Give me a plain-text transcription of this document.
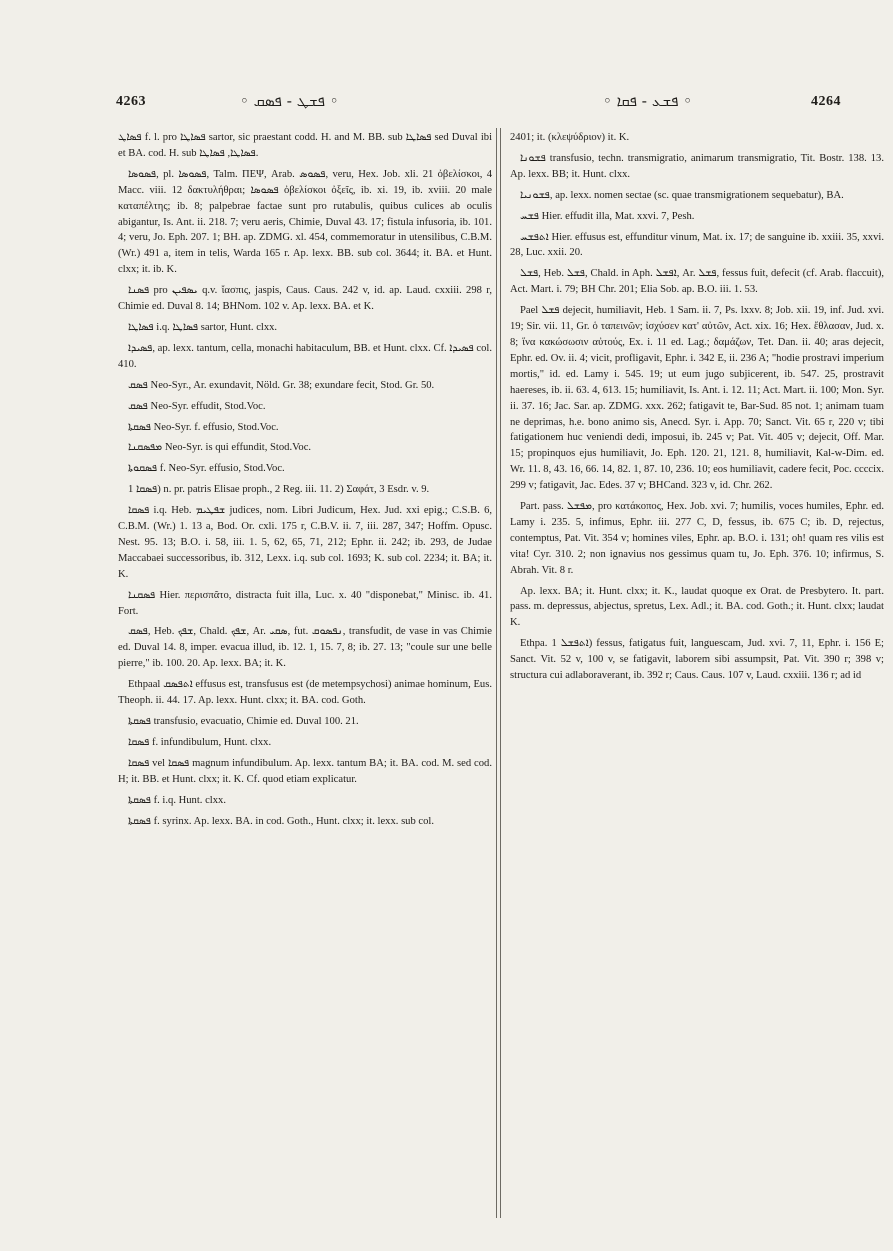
4263	◦ ܦܫܛ - ܦܣܩ ◦	◦ ܦܫܥ - ܦܩܐ ◦	4264

ܦܣܐܛ f. l. pro ܦܣܐܛܐ sartor, sic praestant codd. H. and M. BB. sub ܦܣܐܛܐ sed Duval ibi et BA. cod. H. sub ܦܣܐܛܐ, ܦܣܐܛܐ.

ܦܣܘܣܐ, pl. ܦܣܘܣܐ, Talm. ΠΕΨ, Arab. ܦܣܘܣ, veru, Hex. Job. xli. 21 ὀβελίσκοι, 4 Macc. viii. 12 δακτυλήθραι; ܦܣܘܣܐ ὀβελίσκοι ὀξεῖς, ib. xi. 19, ib. xviii. 20 male καταπέλτης; ib. 8; palpebrae factae sunt pro rutabulis, quibus culices ab oculis abigantur, Is. Ant. ii. 218. 7; veru aeris, Chimie, Duval 43. 17; fistula infusoria, ib. 101. 4; veru, Jo. Eph. 207. 1; BH. ap. ZDMG. xl. 454, commemoratur in utensilibus, C.B.M. (Wr.) 491 a, item in telis, Warda 165 r. Ap. lexx. BB. sub col. 3644; it. BA. et Hunt. clxx; it. ib. K.

ܦܣܢܐ pro ܝܣܦܝܢ q.v. ἴασπις, jaspis, Caus. Caus. 242 v, id. ap. Laud. cxxiii. 298 r, Chimie ed. Duval 8. 14; BHNom. 102 v. Ap. lexx. BA. et K.

ܦܣܐܛܐ i.q. ܦܣܐܛܐ sartor, Hunt. clxx.

ܦܣܝܕܐ, ap. lexx. tantum, cella, monachi habitaculum, BB. et Hunt. clxx. Cf. ܦܣܝܕܐ col. 410.

ܦܣܩ Neo-Syr., Ar. exundavit, Nöld. Gr. 38; exundare fecit, Stod. Gr. 50.

ܦܣܩ Neo-Syr. effudit, Stod.Voc.

ܦܣܩܬܐ Neo-Syr. f. effusio, Stod.Voc.

ܡܦܣܩܢܐ Neo-Syr. is qui effundit, Stod.Voc.

ܦܣܩܘܬܐ f. Neo-Syr. effusio, Stod.Voc.

ܦܣܩܐ 1) n. pr. patris Elisae proph., 2 Reg. iii. 11. 2) Σαφάτ, 3 Esdr. v. 9.

ܦܣܩܐ i.q. Heb. ܫܦܛܝܡ judices, nom. Libri Judicum, Hex. Jud. xxi epig.; C.S.B. 6, C.B.M. (Wr.) 1. 13 a, Bod. Or. cxli. 175 r, C.B.V. ii. 7, iii. 287, 347; Hoffm. Opusc. Nest. 95. 13; B.O. i. 58, iii. 1. 5, 62, 65, 71, 212; Ephr. ii. 242; ib. 293, de Judae Maccabaei successoribus, ib. 312, Lexx. i.q. sub col. 1693; K. sub col. 2234; it. BA; it. K.

ܦܣܩܢܐ Hier. περισπᾶτο, distracta fuit illa, Luc. x. 40 "disponebat," Minisc. ib. 41. Fort.

ܦܣܩ, Heb. ܫܦܟ, Chald. ܫܦܟ, Ar. ܣܩܝ, fut. ܢܦܣܘܩ, transfudit, de vase in vas Chimie ed. Duval 14. 8, imper. evacua illud, ib. 12. 1, 15. 7, 8; ib. 27. 13; "coule sur une belle pierre," ib. 100. 20. Ap. lexx. BA; it. K.

Ethpaal ܐܬܦܣܩ effusus est, transfusus est (de metempsychosi) animae hominum, Eus. Theoph. ii. 44. 17. Ap. lexx. Hunt. clxx; it. BA. cod. Goth.

ܦܣܩܬܐ transfusio, evacuatio, Chimie ed. Duval 100. 21.

ܦܣܩܐ f. infundibulum, Hunt. clxx.

ܦܣܩܐ vel ܦܣܩܐ magnum infundibulum. Ap. lexx. tantum BA; it. BA. cod. M. sed cod. H; it. BB. et Hunt. clxx; it. K. Cf. quod etiam explicatur.

ܦܣܩܬܐ f. i.q. Hunt. clxx.

ܦܣܩܬܐ f. syrinx. Ap. lexx. BA. in cod. Goth., Hunt. clxx; it. lexx. sub col.

2401; it. (κλεψύδριον) it. K.

ܦܫܘܢܐ transfusio, techn. transmigratio, animarum transmigratio, Tit. Bostr. 138. 13. Ap. lexx. BB; it. Hunt. clxx.

ܦܫܘܢܝܐ, ap. lexx. nomen sectae (sc. quae transmigrationem sequebatur), BA.

ܦܫܚ Hier. effudit illa, Mat. xxvi. 7, Pesh.

ܐܬܦܫܚ Hier. effusus est, effunditur vinum, Mat. ix. 17; de sanguine ib. xxiii. 35, xxvi. 28, Luc. xxii. 20.

ܦܫܠ, Heb. ܦܫܠ, Chald. in Aph. ܐܦܫܠ, Ar. ܦܫܠ, fessus fuit, defecit (cf. Arab. flaccuit), Act. Mart. i. 79; BH Chr. 201; Elia Sob. ap. B.O. iii. 1. 53.

Pael ܦܫܠ dejecit, humiliavit, Heb. 1 Sam. ii. 7, Ps. lxxv. 8; Job. xii. 19, inf. Jud. xvi. 19; Sir. vii. 11, Gr. ὁ ταπεινῶν; ἰσχύσεν κατ' αὐτῶν, Act. xix. 16; Hex. ἔθλασαν, Jud. x. 8; ἵνα κακώσωσιν αὐτούς, Ex. i. 11 ed. Lag.; δαμάζων, Tet. Dan. ii. 40; aras dejecit, Ephr. ed. Ov. ii. 4; vicit, profligavit, Ephr. i. 342 E, ii. 236 A; "hodie prostravi imperium mortis," id. ed. Lamy i. 545. 19; ut eum jugo subjicerent, ib. 547. 25, prostravit haereses, ib. ii. 63. 4, 613. 15; humiliavit, Is. Ant. i. 12. 11; Act. Mart. ii. 100; Mon. Syr. ii. 37. 16; Jac. Sar. ap. ZDMG. xxx. 262; fatigavit te, Bar-Sud. 85 not. 1; animam tuam ne deprimas, h.e. bono animo sis, Anecd. Syr. i. App. 70; Sanct. Vit. 65 r, 220 v; tibi fatigationem huc veniendi dedi, imposui, ib. 245 v; Pat. Vit. 405 v; dejecit, Off. Mar. 15; propinquos ejus humiliavit, Jo. Eph. 120. 21, 121. 8, humiliavit, Kal-w-Dim. ed. Wr. 11. 8, 43. 16, 66. 14, 82. 1, 87. 10, 236. 10; eos humiliavit, cadere fecit, Poc. ccccix. 299 v; fatigavit, Jac. Edes. 37 v; BHCand. 323 v, id. Chr. 262.

Part. pass. ܡܦܫܠ, pro κατάκοπος, Hex. Job. xvi. 7; humilis, voces humiles, Ephr. ed. Lamy i. 235. 5, infimus, Ephr. iii. 277 C, D, fessus, ib. 675 C; ib. D, rejectus, contemptus, Pat. Vit. 354 v; homines viles, Ephr. ap. B.O. i. 131; oh! quam res vilis est vita! Cyr. 310. 2; non ignavius nos gessimus quam tu, Jo. Eph. 376. 10; infirmus, S. Abrah. Vit. 8 r.

Ap. lexx. BA; it. Hunt. clxx; it. K., laudat quoque ex Orat. de Presbytero. It. part. pass. m. depressus, abjectus, spretus, Lex. Adl.; it. BA. cod. Goth.; it. Hunt. clxx; laudat K.

Ethpa. ܐܬܦܫܠ 1) fessus, fatigatus fuit, languescam, Jud. xvi. 7, 11, Ephr. i. 156 E; Sanct. Vit. 52 v, 100 v, se fatigavit, laborem sibi assumpsit, Pat. Vit. 390 r; 398 v; structura cui adlaboraverant, ib. 392 r; Caus. Caus. 107 v, Laud. cxxiii. 136 r; ad id
